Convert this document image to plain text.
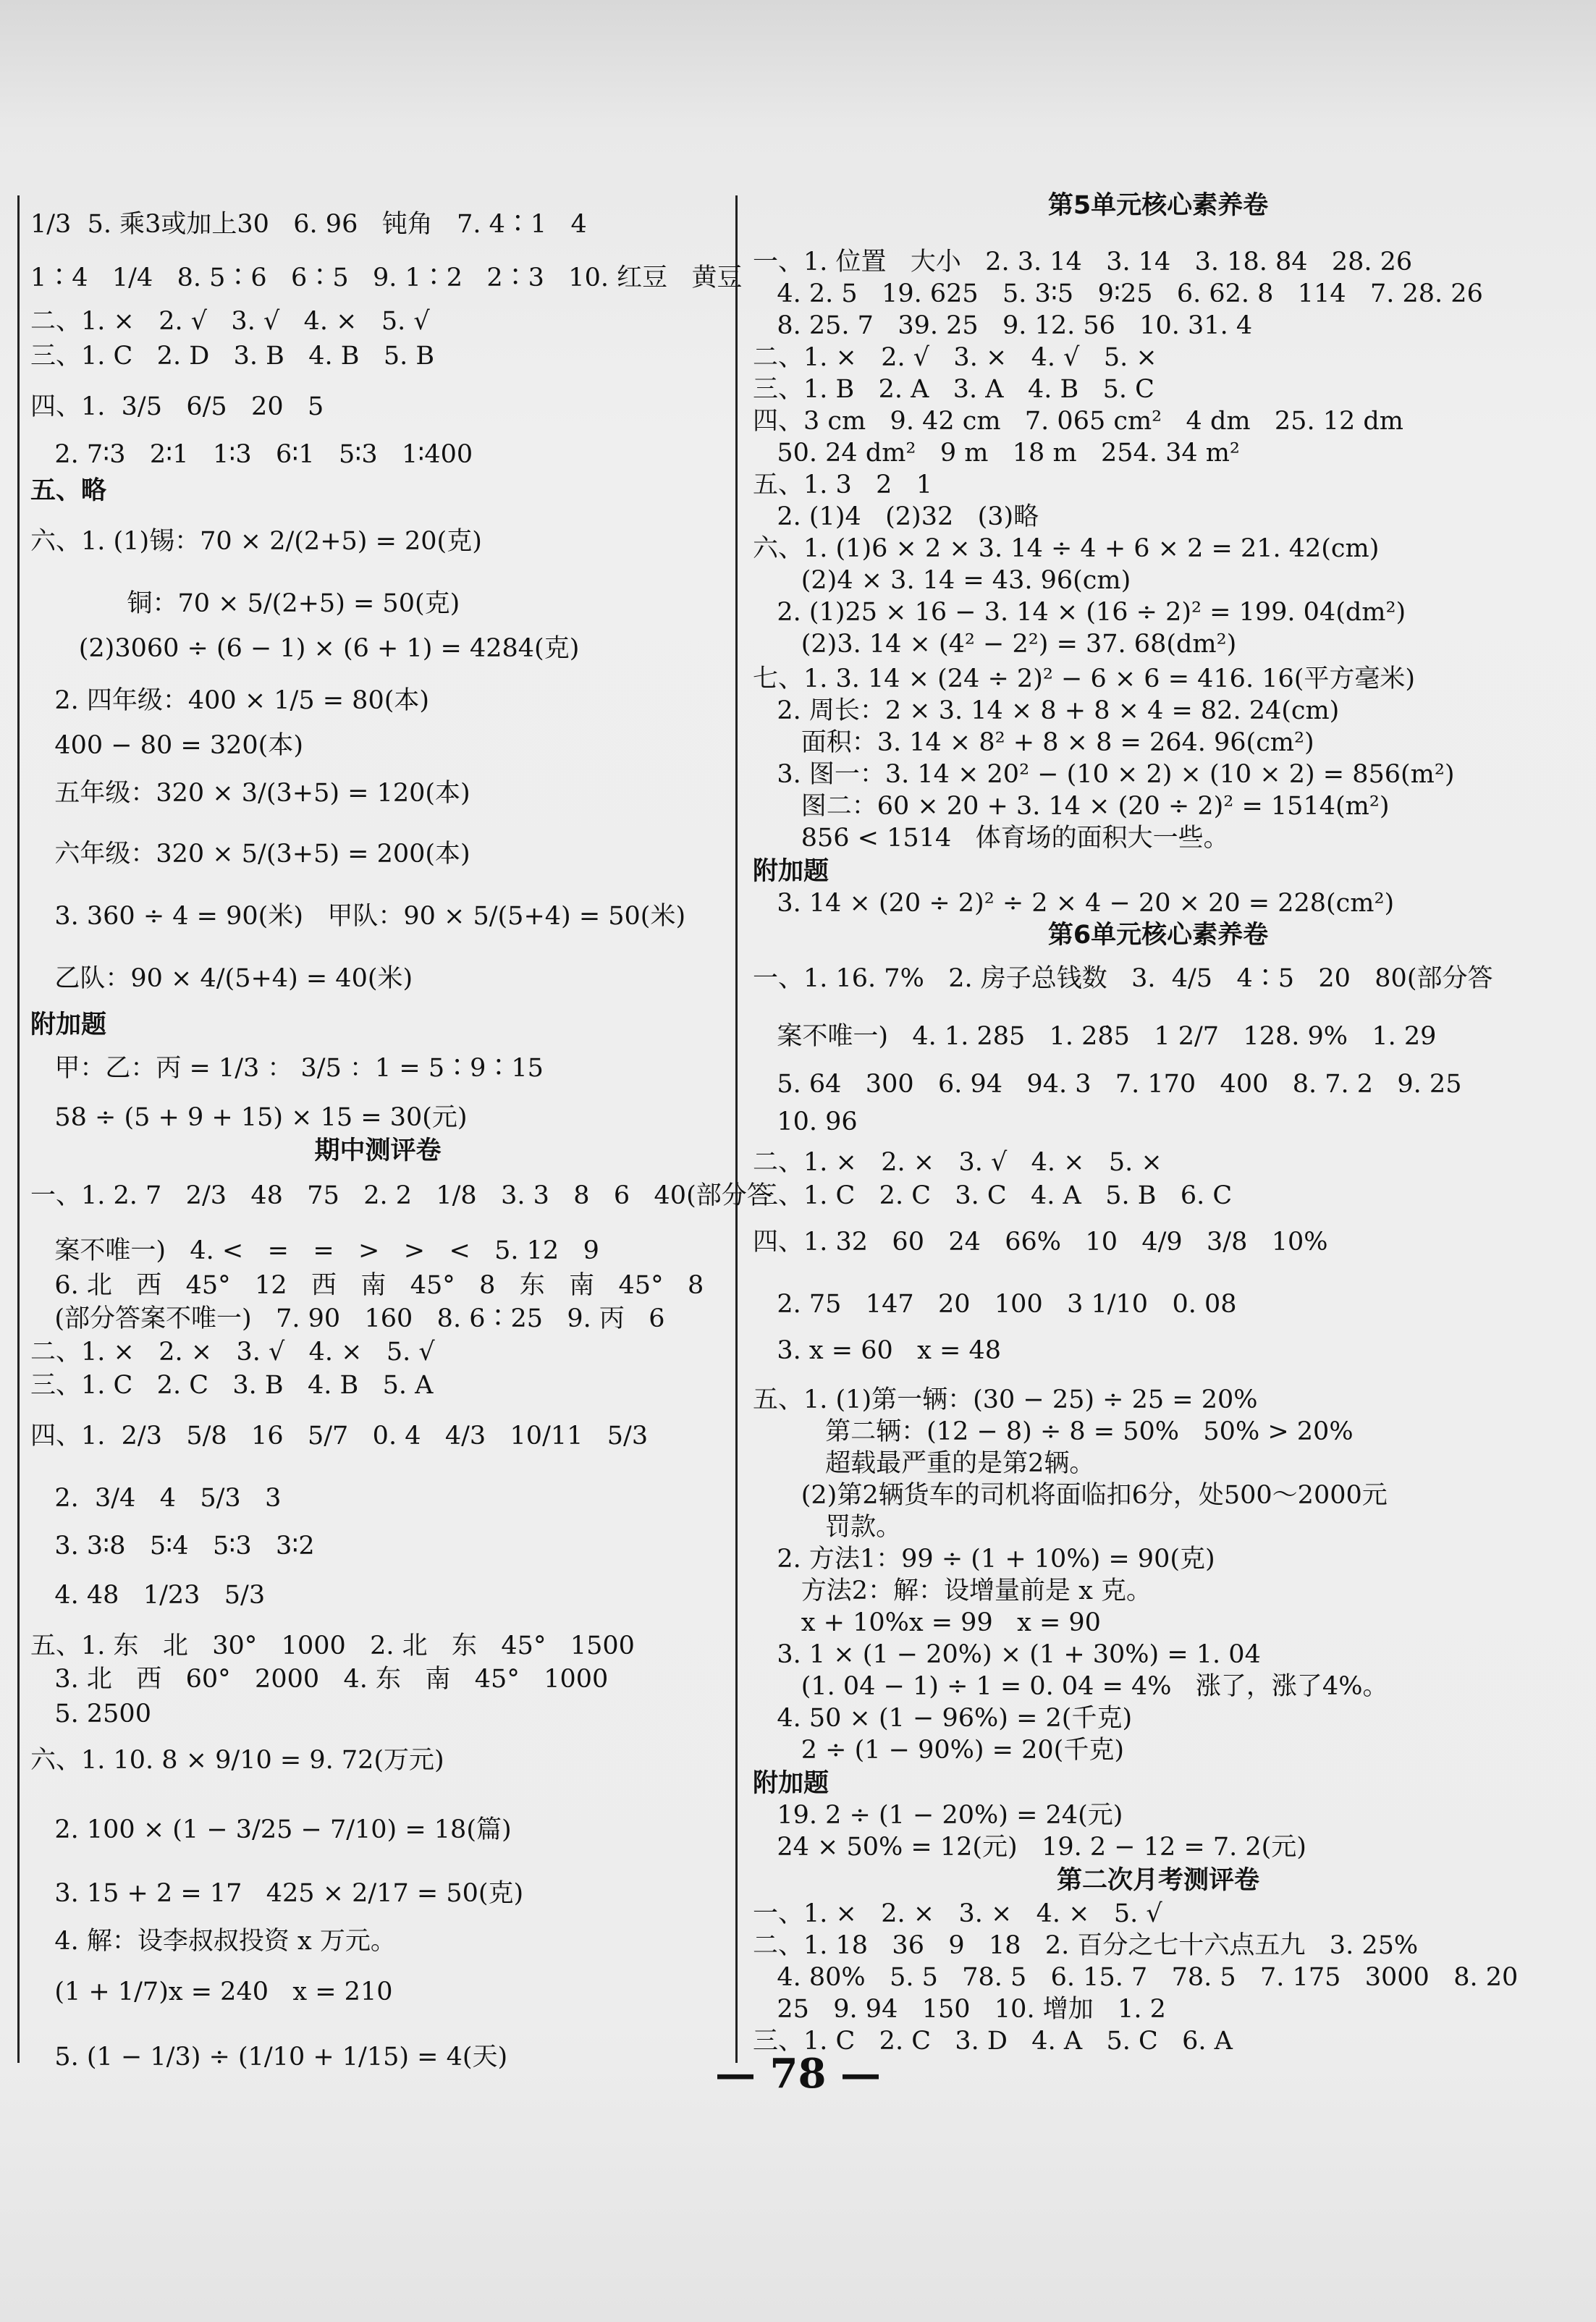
1/3  5. 乘3或加上30   6. 96   钝角   7. 4∶1   4
1∶4   1/4   8. 5∶6   6∶5   9. 1∶2   2∶3   10. 红豆   黄豆
二、1. ×   2. √   3. √   4. ×   5. √
三、1. C   2. D   3. B   4. B   5. B
四、1.  3/5   6/5   20   5
2. 7∶3   2∶1   1∶3   6∶1   5∶3   1∶400
五、略
六、1. (1)锡：70 × 2/(2+5) = 20(克)
铜：70 × 5/(2+5) = 50(克)
(2)3060 ÷ (6 − 1) × (6 + 1) = 4284(克)
2. 四年级：400 × 1/5 = 80(本)
400 − 80 = 320(本)
五年级：320 × 3/(3+5) = 120(本)
六年级：320 × 5/(3+5) = 200(本)
3. 360 ÷ 4 = 90(米)   甲队：90 × 5/(5+4) = 50(米)
乙队：90 × 4/(5+4) = 40(米)
附加题
甲：乙：丙 = 1/3 ： 3/5 ：1 = 5∶9∶15
58 ÷ (5 + 9 + 15) × 15 = 30(元)
期中测评卷
一、1. 2. 7   2/3   48   75   2. 2   1/8   3. 3   8   6   40(部分答
案不唯一)   4. <   =   =   >   >   <   5. 12   9
6. 北   西   45°   12   西   南   45°   8   东   南   45°   8
(部分答案不唯一)   7. 90   160   8. 6∶25   9. 丙   6
二、1. ×   2. ×   3. √   4. ×   5. √
三、1. C   2. C   3. B   4. B   5. A
四、1.  2/3   5/8   16   5/7   0. 4   4/3   10/11   5/3
2.  3/4   4   5/3   3
3. 3∶8   5∶4   5∶3   3∶2
4. 48   1/23   5/3
五、1. 东   北   30°   1000   2. 北   东   45°   1500
3. 北   西   60°   2000   4. 东   南   45°   1000
5. 2500
六、1. 10. 8 × 9/10 = 9. 72(万元)
2. 100 × (1 − 3/25 − 7/10) = 18(篇)
3. 15 + 2 = 17   425 × 2/17 = 50(克)
4. 解：设李叔叔投资 x 万元。
(1 + 1/7)x = 240   x = 210
5. (1 − 1/3) ÷ (1/10 + 1/15) = 4(天)
第5单元核心素养卷
一、1. 位置   大小   2. 3. 14̇   3. 14   3. 18. 84   28. 26
4. 2. 5   19. 625   5. 3∶5   9∶25   6. 62. 8   114   7. 28. 26
8. 25. 7   39. 25   9. 12. 56   10. 31. 4
二、1. ×   2. √   3. ×   4. √   5. ×
三、1. B   2. A   3. A   4. B   5. C
四、3 cm   9. 42 cm   7. 065 cm²   4 dm   25. 12 dm
50. 24 dm²   9 m   18 m   254. 34 m²
五、1. 3   2   1
2. (1)4   (2)32   (3)略
六、1. (1)6 × 2 × 3. 14 ÷ 4 + 6 × 2 = 21. 42(cm)
(2)4 × 3. 14 = 43. 96(cm)
2. (1)25 × 16 − 3. 14 × (16 ÷ 2)² = 199. 04(dm²)
(2)3. 14 × (4² − 2²) = 37. 68(dm²)
七、1. 3. 14 × (24 ÷ 2)² − 6 × 6 = 416. 16(平方毫米)
2. 周长：2 × 3. 14 × 8 + 8 × 4 = 82. 24(cm)
面积：3. 14 × 8² + 8 × 8 = 264. 96(cm²)
3. 图一：3. 14 × 20² − (10 × 2) × (10 × 2) = 856(m²)
图二：60 × 20 + 3. 14 × (20 ÷ 2)² = 1514(m²)
856 < 1514   体育场的面积大一些。
附加题
3. 14 × (20 ÷ 2)² ÷ 2 × 4 − 20 × 20 = 228(cm²)
第6单元核心素养卷
一、1. 16. 7%   2. 房子总钱数   3.  4/5   4∶5   20   80(部分答
案不唯一)   4. 1. 285   1. 28̇5   1 2/7   128. 9%   1. 29
5. 64   300   6. 94   94. 3   7. 170   400   8. 7. 2   9. 25
10. 96
二、1. ×   2. ×   3. √   4. ×   5. ×
三、1. C   2. C   3. C   4. A   5. B   6. C
四、1. 32   60   24   66%   10   4/9   3/8   10%
2. 75   147   20   100   3 1/10   0. 08
3. x = 60   x = 48
五、1. (1)第一辆：(30 − 25) ÷ 25 = 20%
第二辆：(12 − 8) ÷ 8 = 50%   50% > 20%
超载最严重的是第2辆。
(2)第2辆货车的司机将面临扣6分，处500～2000元
罚款。
2. 方法1：99 ÷ (1 + 10%) = 90(克)
方法2：解：设增量前是 x 克。
x + 10%x = 99   x = 90
3. 1 × (1 − 20%) × (1 + 30%) = 1. 04
(1. 04 − 1) ÷ 1 = 0. 04 = 4%   涨了，涨了4%。
4. 50 × (1 − 96%) = 2(千克)
2 ÷ (1 − 90%) = 20(千克)
附加题
19. 2 ÷ (1 − 20%) = 24(元)
24 × 50% = 12(元)   19. 2 − 12 = 7. 2(元)
第二次月考测评卷
一、1. ×   2. ×   3. ×   4. ×   5. √
二、1. 18   36   9   18   2. 百分之七十六点五九   3. 25%
4. 80%   5. 5   78. 5   6. 15. 7   78. 5   7. 175   3000   8. 20
25   9. 94   150   10. 增加   1. 2
三、1. C   2. C   3. D   4. A   5. C   6. A
— 78 —
